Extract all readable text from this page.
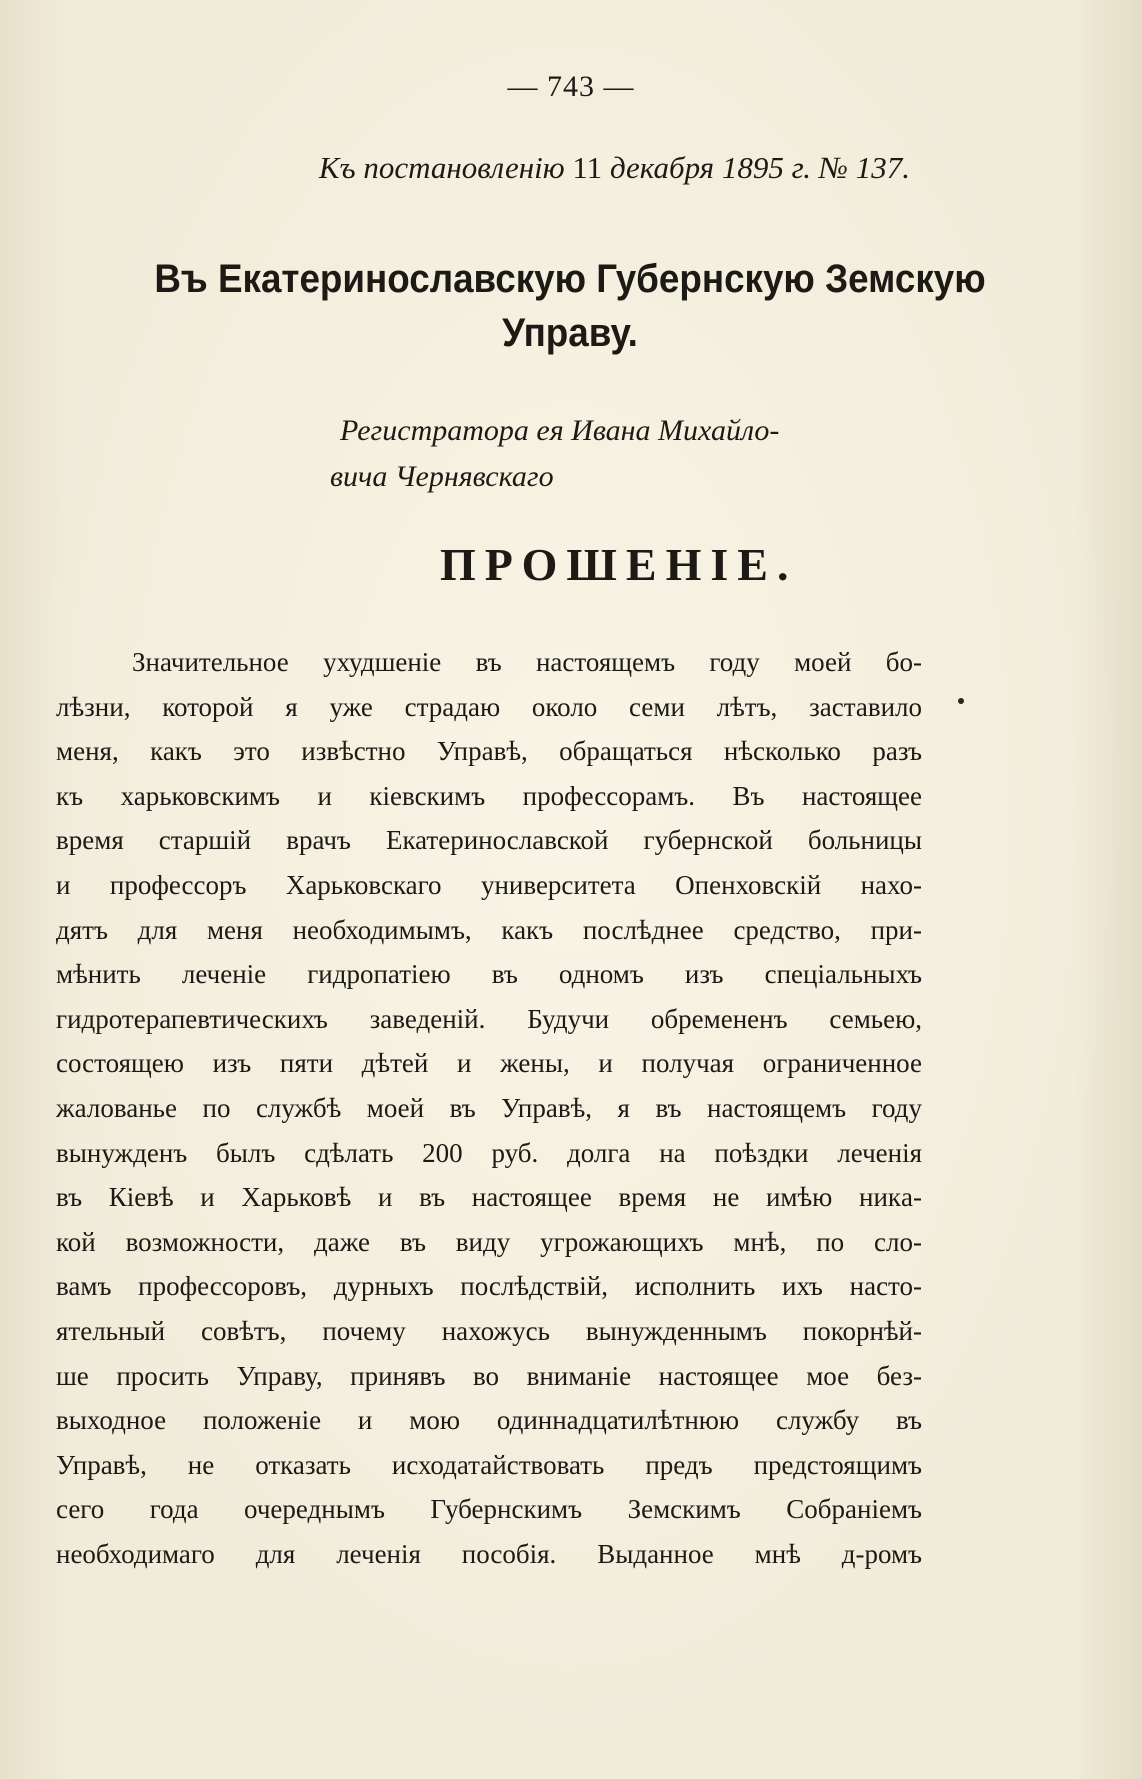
— 743 —
Къ постановленію 11 декабря 1895 г. № 137.
Въ Екатеринославскую Губернскую Земскую
Управу.
Регистратора ея Ивана Михайло-
вича Чернявскаго
ПРОШЕНІЕ.
Значительное ухудшеніе въ настоящемъ году моей бо-
лѣзни, которой я уже страдаю около семи лѣтъ, заставило
меня, какъ это извѣстно Управѣ, обращаться нѣсколько разъ
къ харьковскимъ и кіевскимъ профессорамъ. Въ настоящее
время старшій врачъ Екатеринославской губернской больницы
и профессоръ Харьковскаго университета Опенховскій нахо-
дятъ для меня необходимымъ, какъ послѣднее средство, при-
мѣнить леченіе гидропатіею въ одномъ изъ спеціальныхъ
гидротерапевтическихъ заведеній. Будучи обремененъ семьею,
состоящею изъ пяти дѣтей и жены, и получая ограниченное
жалованье по службѣ моей въ Управѣ, я въ настоящемъ году
вынужденъ былъ сдѣлать 200 руб. долга на поѣздки леченія
въ Кіевѣ и Харьковѣ и въ настоящее время не имѣю никa-
кой возможности, даже въ виду угрожающихъ мнѣ, по сло-
вамъ профессоровъ, дурныхъ послѣдствій, исполнить ихъ насто-
ятельный совѣтъ, почему нахожусь вынужденнымъ покорнѣй-
ше просить Управу, принявъ во вниманіе настоящее мое без-
выходное положеніе и мою одиннадцатилѣтнюю службу въ
Управѣ, не отказать исходатайствовать предъ предстоящимъ
сего года очереднымъ Губернскимъ Земскимъ Собраніемъ
необходимаго для леченія пособія. Выданное мнѣ д-ромъ
